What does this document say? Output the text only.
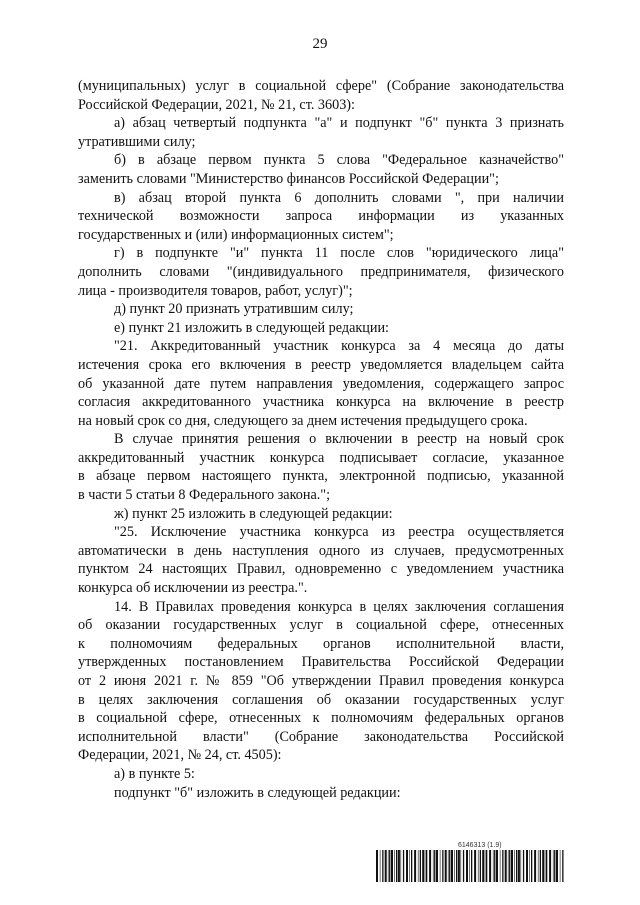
29
(муниципальных) услуг в социальной сфере" (Собрание законодательства
Российской Федерации, 2021, № 21, ст. 3603):
а) абзац четвертый подпункта "а" и подпункт "б" пункта 3 признать
утратившими силу;
б) в абзаце первом пункта 5 слова "Федеральное казначейство"
заменить словами "Министерство финансов Российской Федерации";
в) абзац второй пункта 6 дополнить словами ", при наличии
технической возможности запроса информации из указанных
государственных и (или) информационных систем";
г) в подпункте "и" пункта 11 после слов "юридического лица"
дополнить словами "(индивидуального предпринимателя, физического
лица - производителя товаров, работ, услуг)";
д) пункт 20 признать утратившим силу;
е) пункт 21 изложить в следующей редакции:
"21. Аккредитованный участник конкурса за 4 месяца до даты
истечения срока его включения в реестр уведомляется владельцем сайта
об указанной дате путем направления уведомления, содержащего запрос
согласия аккредитованного участника конкурса на включение в реестр
на новый срок со дня, следующего за днем истечения предыдущего срока.
В случае принятия решения о включении в реестр на новый срок
аккредитованный участник конкурса подписывает согласие, указанное
в абзаце первом настоящего пункта, электронной подписью, указанной
в части 5 статьи 8 Федерального закона.";
ж) пункт 25 изложить в следующей редакции:
"25. Исключение участника конкурса из реестра осуществляется
автоматически в день наступления одного из случаев, предусмотренных
пунктом 24 настоящих Правил, одновременно с уведомлением участника
конкурса об исключении из реестра.".
14. В Правилах проведения конкурса в целях заключения соглашения
об оказании государственных услуг в социальной сфере, отнесенных
к полномочиям федеральных органов исполнительной власти,
утвержденных постановлением Правительства Российской Федерации
от 2 июня 2021 г. № 859 "Об утверждении Правил проведения конкурса
в целях заключения соглашения об оказании государственных услуг
в социальной сфере, отнесенных к полномочиям федеральных органов
исполнительной власти" (Собрание законодательства Российской
Федерации, 2021, № 24, ст. 4505):
а) в пункте 5:
подпункт "б" изложить в следующей редакции:
6146313 (1.9)
